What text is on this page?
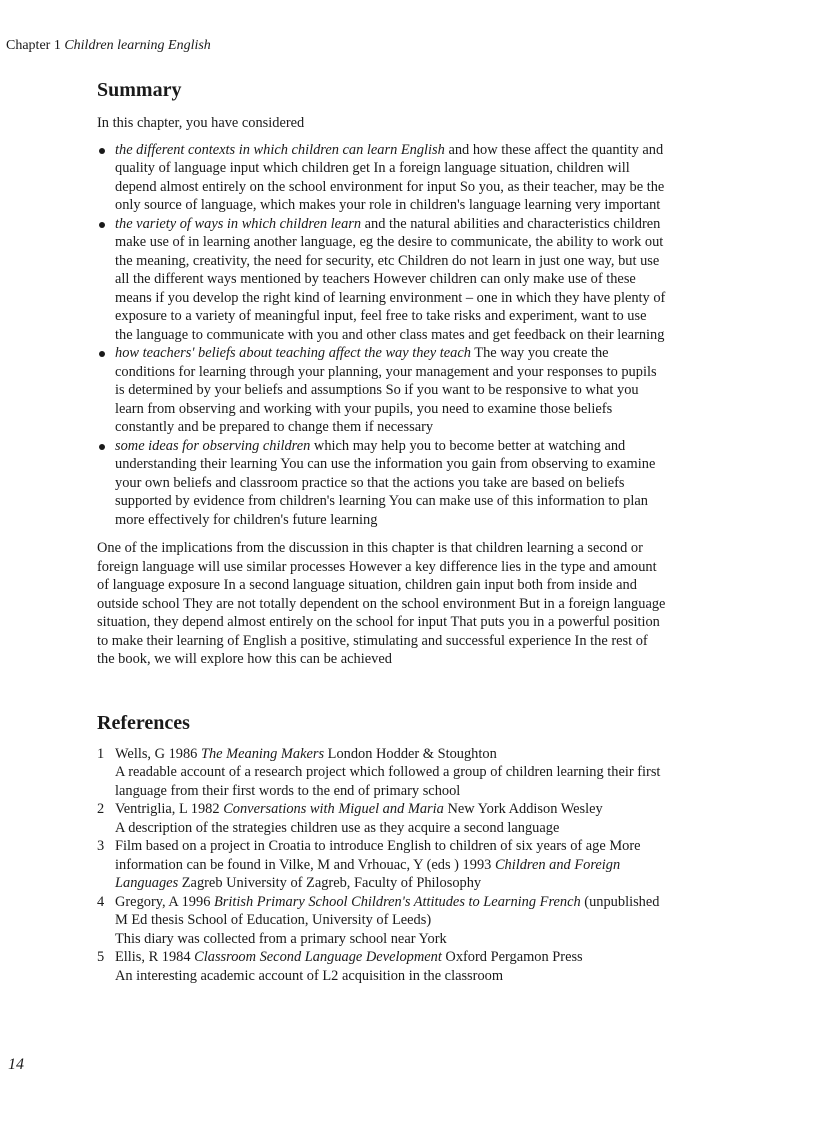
Chapter 1 Children learning English
Summary

In this chapter, you have considered

the different contexts in which children can learn English and how these affect the quantity and quality of language input which children get In a foreign language situation, children will depend almost entirely on the school environment for input So you, as their teacher, may be the only source of language, which makes your role in children's language learning very important
the variety of ways in which children learn and the natural abilities and characteristics children make use of in learning another language, eg the desire to communicate, the ability to work out the meaning, creativity, the need for security, etc Children do not learn in just one way, but use all the different ways mentioned by teachers However children can only make use of these means if you develop the right kind of learning environment – one in which they have plenty of exposure to a variety of meaningful input, feel free to take risks and experiment, want to use the language to communicate with you and other class mates and get feedback on their learning
how teachers' beliefs about teaching affect the way they teach The way you create the conditions for learning through your planning, your management and your responses to pupils is determined by your beliefs and assumptions So if you want to be responsive to what you learn from observing and working with your pupils, you need to examine those beliefs constantly and be prepared to change them if necessary
some ideas for observing children which may help you to become better at watching and understanding their learning You can use the information you gain from observing to examine your own beliefs and classroom practice so that the actions you take are based on beliefs supported by evidence from children's learning You can make use of this information to plan more effectively for children's future learning

One of the implications from the discussion in this chapter is that children learning a second or foreign language will use similar processes However a key difference lies in the type and amount of language exposure In a second language situation, children gain input both from inside and outside school They are not totally dependent on the school environment But in a foreign language situation, they depend almost entirely on the school for input That puts you in a powerful position to make their learning of English a positive, stimulating and successful experience In the rest of the book, we will explore how this can be achieved

References
1 Wells, G 1986 The Meaning Makers London Hodder & Stoughton
A readable account of a research project which followed a group of children learning their first language from their first words to the end of primary school
2 Ventriglia, L 1982 Conversations with Miguel and Maria New York Addison Wesley
A description of the strategies children use as they acquire a second language
3 Film based on a project in Croatia to introduce English to children of six years of age More information can be found in Vilke, M and Vrhouac, Y (eds ) 1993 Children and Foreign Languages Zagreb University of Zagreb, Faculty of Philosophy
4 Gregory, A 1996 British Primary School Children's Attitudes to Learning French (unpublished M Ed thesis School of Education, University of Leeds)
This diary was collected from a primary school near York
5 Ellis, R 1984 Classroom Second Language Development Oxford Pergamon Press
An interesting academic account of L2 acquisition in the classroom
14
